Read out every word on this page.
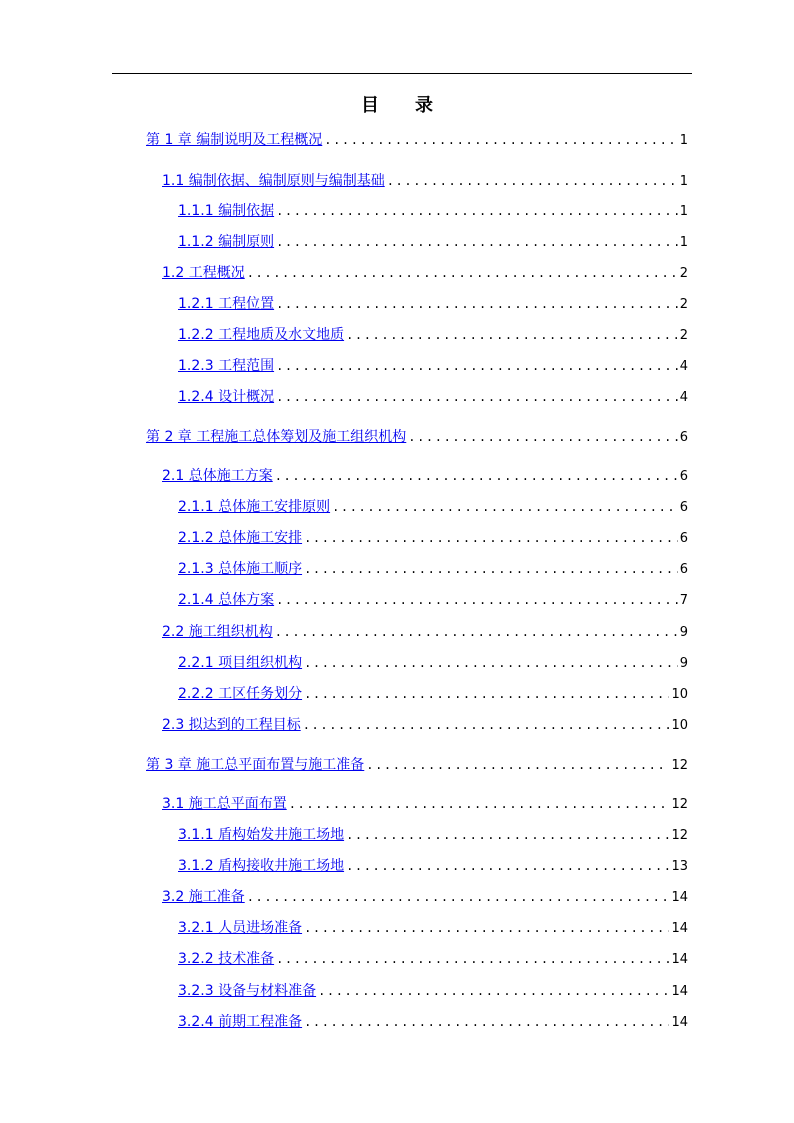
目 录
第 1 章 编制说明及工程概况 .....	1
1.1 编制依据、编制原则与编制基础 .....	1
1.1.1 编制依据 .....	1
1.1.2 编制原则 .....	1
1.2 工程概况 .....	2
1.2.1 工程位置 .....	2
1.2.2 工程地质及水文地质 .....	2
1.2.3 工程范围 .....	4
1.2.4 设计概况 .....	4
第 2 章 工程施工总体筹划及施工组织机构 .....	6
2.1 总体施工方案 .....	6
2.1.1 总体施工安排原则 .....	6
2.1.2 总体施工安排 .....	6
2.1.3 总体施工顺序 .....	6
2.1.4 总体方案 .....	7
2.2 施工组织机构 .....	9
2.2.1 项目组织机构 .....	9
2.2.2 工区任务划分 .....	10
2.3 拟达到的工程目标 .....	10
第 3 章 施工总平面布置与施工准备 .....	12
3.1 施工总平面布置 .....	12
3.1.1 盾构始发井施工场地 .....	12
3.1.2 盾构接收井施工场地 .....	13
3.2 施工准备 .....	14
3.2.1 人员进场准备 .....	14
3.2.2 技术准备 .....	14
3.2.3 设备与材料准备 .....	14
3.2.4 前期工程准备 .....	14
